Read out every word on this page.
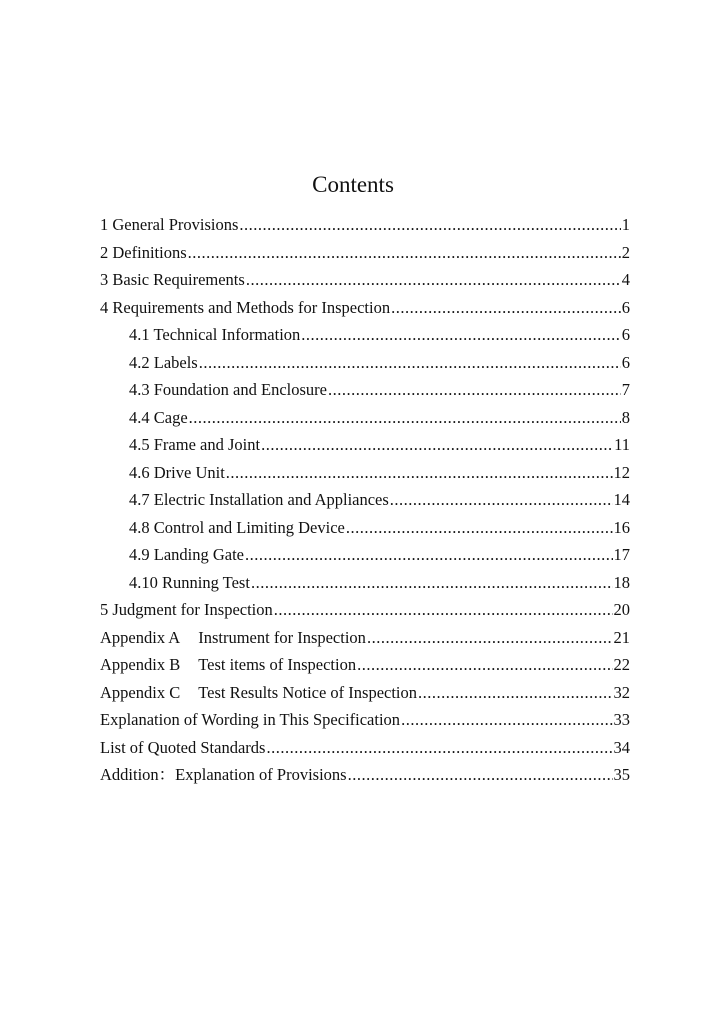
Contents
1 General Provisions .....	1
2 Definitions .....	2
3 Basic Requirements .....	4
4 Requirements and Methods for Inspection .....	6
4.1 Technical Information .....	6
4.2 Labels .....	6
4.3 Foundation and Enclosure .....	7
4.4 Cage .....	8
4.5 Frame and Joint .....	11
4.6 Drive Unit .....	12
4.7 Electric Installation and Appliances .....	14
4.8 Control and Limiting Device .....	16
4.9 Landing Gate .....	17
4.10 Running Test .....	18
5 Judgment for Inspection .....	20
Appendix A Instrument for Inspection .....	21
Appendix B Test items of Inspection .....	22
Appendix C Test Results Notice of Inspection .....	32
Explanation of Wording in This Specification .....	33
List of Quoted Standards .....	34
Addition：Explanation of Provisions .....	35
